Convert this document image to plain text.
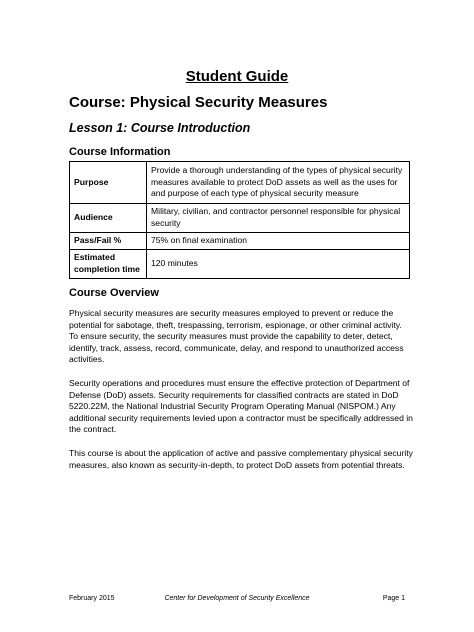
Student Guide
Course: Physical Security Measures
Lesson 1: Course Introduction
Course Information
Purpose	Provide a thorough understanding of the types of physical security measures available to protect DoD assets as well as the uses for and purpose of each type of physical security measure
Audience	Military, civilian, and contractor personnel responsible for physical security
Pass/Fail %	75% on final examination
Estimated completion time	120 minutes
Course Overview
Physical security measures are security measures employed to prevent or reduce the potential for sabotage, theft, trespassing, terrorism, espionage, or other criminal activity. To ensure security, the security measures must provide the capability to deter, detect, identify, track, assess, record, communicate, delay, and respond to unauthorized access activities.
Security operations and procedures must ensure the effective protection of Department of Defense (DoD) assets. Security requirements for classified contracts are stated in DoD 5220.22M, the National Industrial Security Program Operating Manual (NISPOM.) Any additional security requirements levied upon a contractor must be specifically addressed in the contract.
This course is about the application of active and passive complementary physical security measures, also known as security-in-depth, to protect DoD assets from potential threats.
February 2015	Center for Development of Security Excellence	Page 1
